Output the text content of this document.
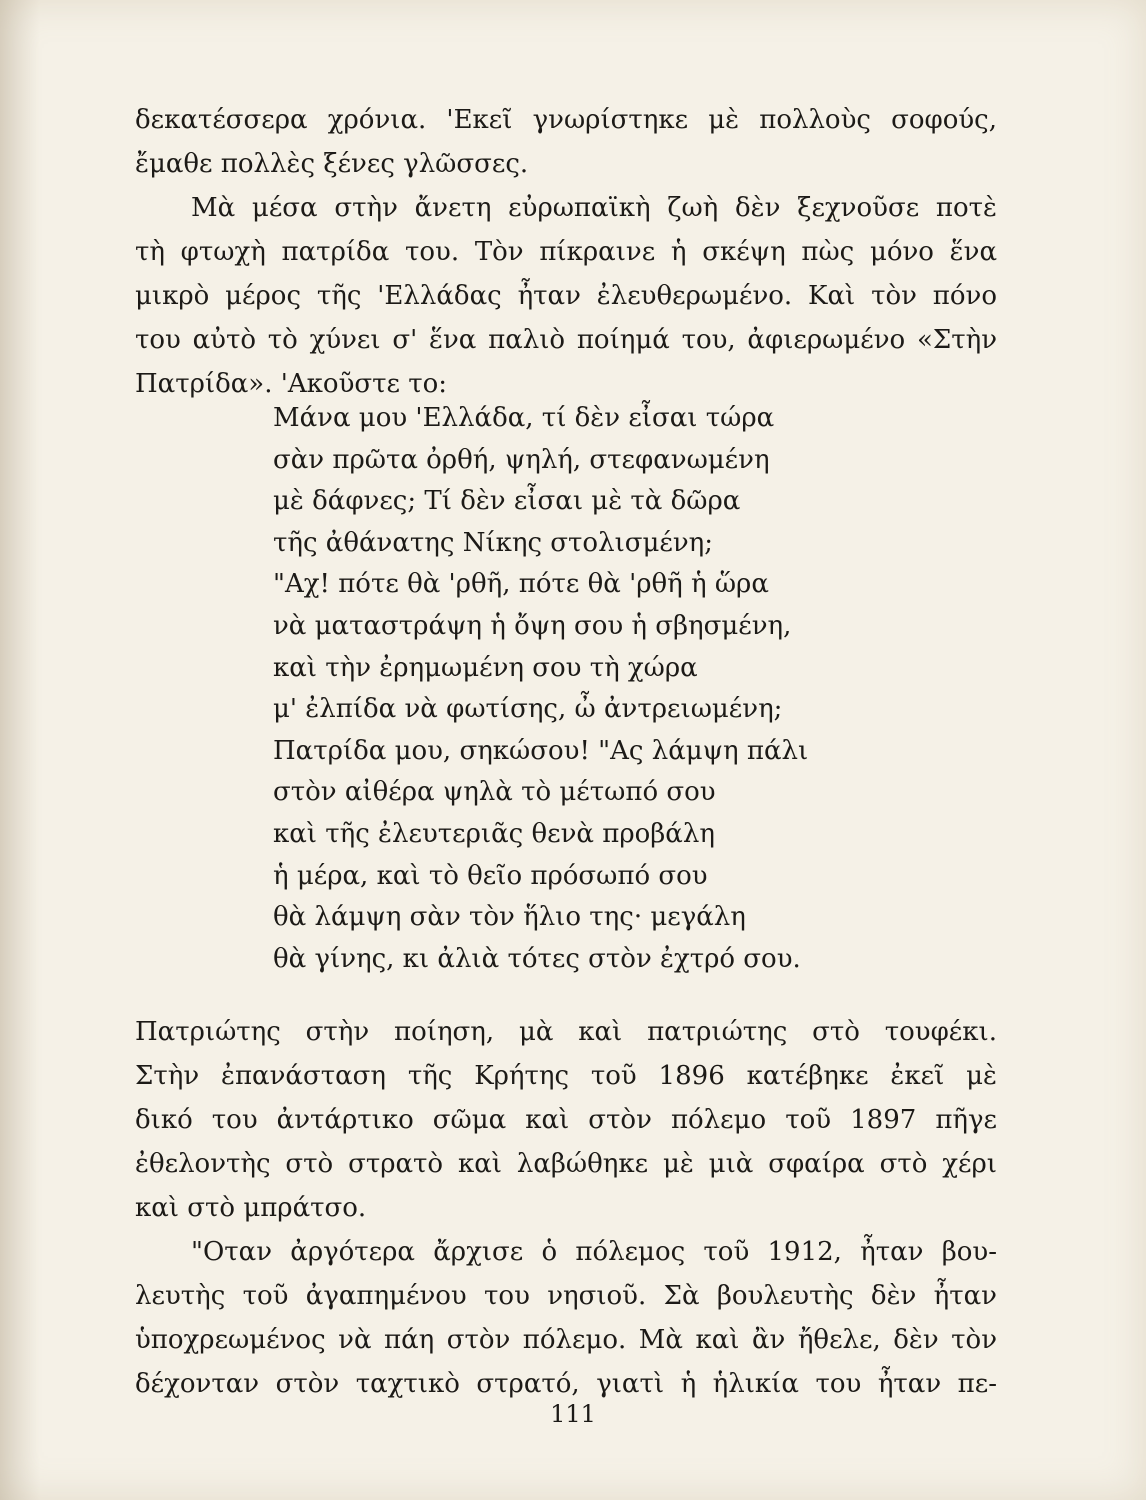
δεκατέσσερα χρόνια. 'Εκεῖ γνωρίστηκε μὲ πολλοὺς σοφούς,
ἔμαθε πολλὲς ξένες γλῶσσες.
Μὰ μέσα στὴν ἄνετη εὐρωπαϊκὴ ζωὴ δὲν ξεχνοῦσε ποτὲ
τὴ φτωχὴ πατρίδα του. Τὸν πίκραινε ἡ σκέψη πὼς μόνο ἕνα
μικρὸ μέρος τῆς 'Ελλάδας ἦταν ἐλευθερωμένο. Καὶ τὸν πόνο
του αὐτὸ τὸ χύνει σ' ἕνα παλιὸ ποίημά του, ἀφιερωμένο «Στὴν
Πατρίδα». 'Ακοῦστε το:
Μάνα μου 'Ελλάδα, τί δὲν εἶσαι τώρα
σὰν πρῶτα ὀρθή, ψηλή, στεφανωμένη
μὲ δάφνες; Τί δὲν εἶσαι μὲ τὰ δῶρα
τῆς ἀθάνατης Νίκης στολισμένη;
"Αχ! πότε θὰ 'ρθῆ, πότε θὰ 'ρθῆ ἡ ὥρα
νὰ ματαστράψη ἡ ὄψη σου ἡ σβησμένη,
καὶ τὴν ἐρημωμένη σου τὴ χώρα
μ' ἐλπίδα νὰ φωτίσης, ὦ ἀντρειωμένη;
Πατρίδα μου, σηκώσου! "Ας λάμψη πάλι
στὸν αἰθέρα ψηλὰ τὸ μέτωπό σου
καὶ τῆς ἐλευτεριᾶς θενὰ προβάλη
ἡ μέρα, καὶ τὸ θεῖο πρόσωπό σου
θὰ λάμψη σὰν τὸν ἥλιο της· μεγάλη
θὰ γίνης, κι ἀλιὰ τότες στὸν ἐχτρό σου.
Πατριώτης στὴν ποίηση, μὰ καὶ πατριώτης στὸ τουφέκι.
Στὴν ἐπανάσταση τῆς Κρήτης τοῦ 1896 κατέβηκε ἐκεῖ μὲ
δικό του ἀντάρτικο σῶμα καὶ στὸν πόλεμο τοῦ 1897 πῆγε
ἐθελοντὴς στὸ στρατὸ καὶ λαβώθηκε μὲ μιὰ σφαίρα στὸ χέρι
καὶ στὸ μπράτσο.
"Οταν ἀργότερα ἄρχισε ὁ πόλεμος τοῦ 1912, ἦταν βου-
λευτὴς τοῦ ἀγαπημένου του νησιοῦ. Σὰ βουλευτὴς δὲν ἦταν
ὑποχρεωμένος νὰ πάη στὸν πόλεμο. Μὰ καὶ ἂν ἤθελε, δὲν τὸν
δέχονταν στὸν ταχτικὸ στρατό, γιατὶ ἡ ἡλικία του ἦταν πε-
111
